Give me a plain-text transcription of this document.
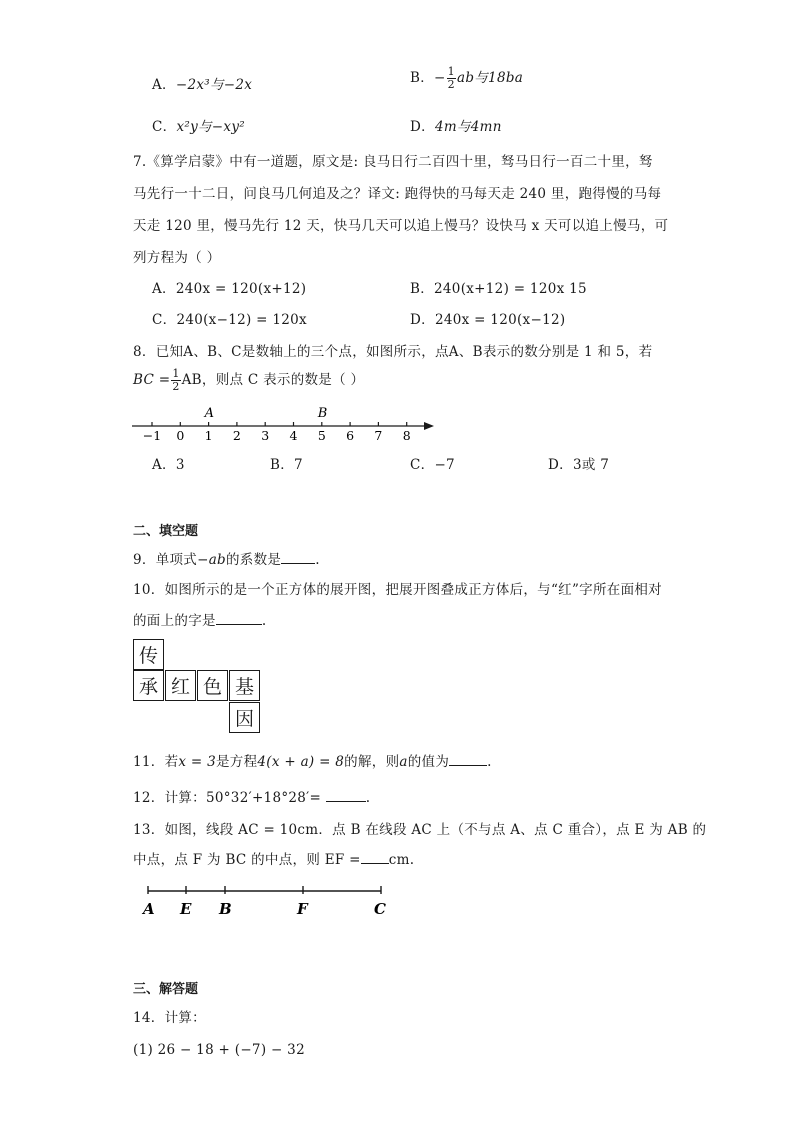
A．−2x³与−2x	B．− $\frac{1}{2}$ ab与18ba
C．x²y与−xy²	D．4m与4mn
7.《算学启蒙》中有一道题，原文是: 良马日行二百四十里，驽马日行一百二十里，驽
马先行一十二日，问良马几何追及之？译文: 跑得快的马每天走 240 里，跑得慢的马每
天走 120 里，慢马先行 12 天，快马几天可以追上慢马？设快马 x 天可以追上慢马，可
列方程为（ ）
A．240x = 120(x+12)	B．240(x+12) = 120x 15
C．240(x−12) = 120x	D．240x = 120(x−12)
8．已知A、B、C是数轴上的三个点，如图所示，点A、B表示的数分别是 1 和 5，若
BC = $\frac{1}{2}$ AB，则点 C 表示的数是（ ）
−1 0 1 2 3 4 5 6 7 8
A	B
A．3	B．7	C．−7	D．3或 7
二、填空题
9．单项式−ab的系数是	.
10．如图所示的是一个正方体的展开图，把展开图叠成正方体后，与“红”字所在面相对
的面上的字是	.
传
承 红 色 基
因
11．若x = 3是方程4(x + a) = 8的解，则a的值为	.
12．计算：50°32′+18°28′=	.
13．如图，线段 AC = 10cm．点 B 在线段 AC 上（不与点 A、点 C 重合），点 E 为 AB 的
中点，点 F 为 BC 的中点，则 EF = cm.
A E B	F	C
三、解答题
14．计算：
(1) 26 − 18 + (−7) − 32
